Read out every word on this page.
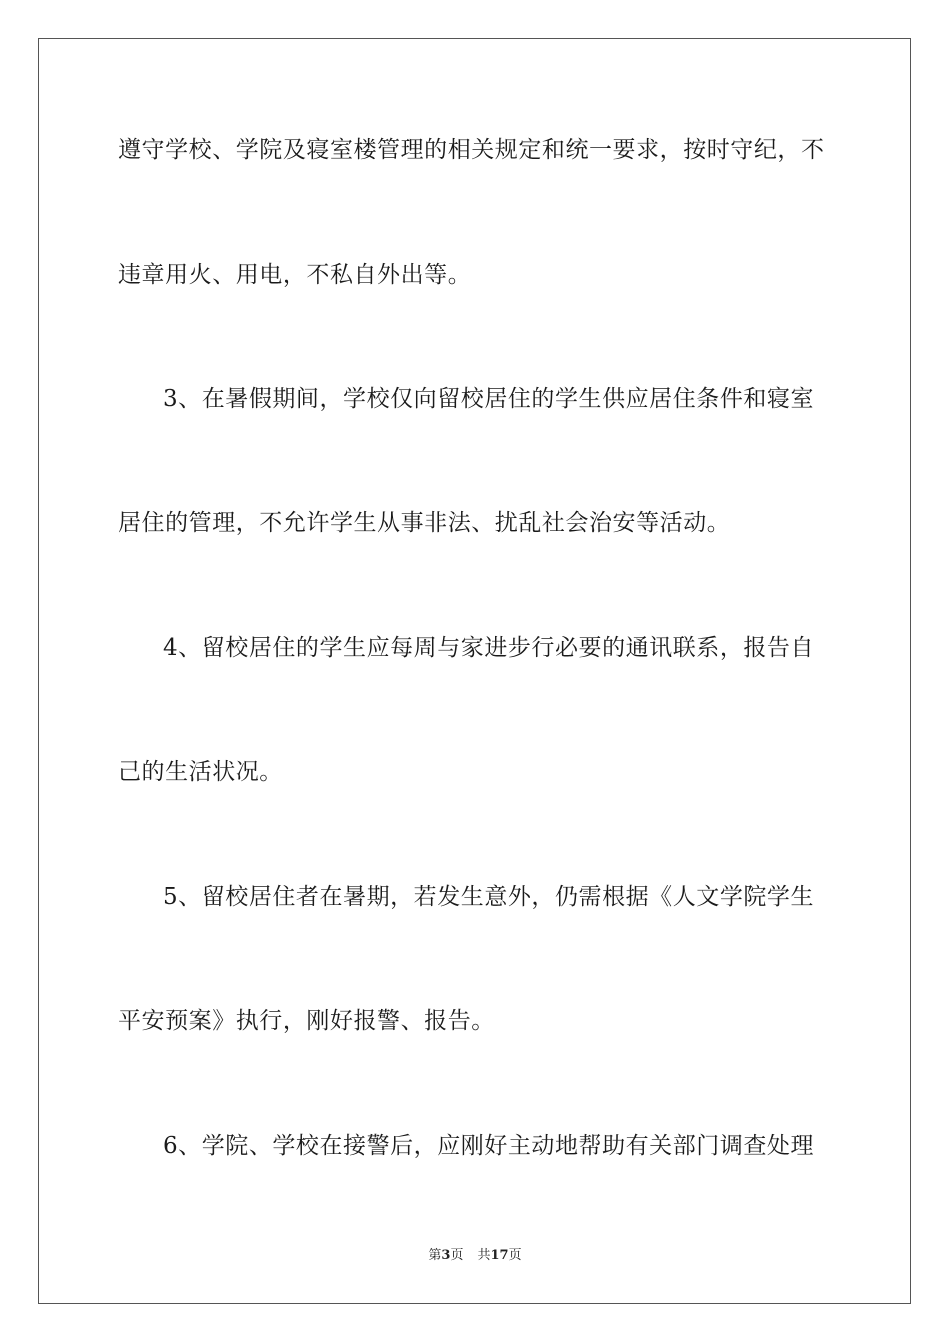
遵守学校、学院及寝室楼管理的相关规定和统一要求，按时守纪，不
违章用火、用电，不私自外出等。
3、在暑假期间，学校仅向留校居住的学生供应居住条件和寝室
居住的管理，不允许学生从事非法、扰乱社会治安等活动。
4、留校居住的学生应每周与家进步行必要的通讯联系，报告自
己的生活状况。
5、留校居住者在暑期，若发生意外，仍需根据《人文学院学生
平安预案》执行，刚好报警、报告。
6、学院、学校在接警后，应刚好主动地帮助有关部门调查处理
第3页 共17页
